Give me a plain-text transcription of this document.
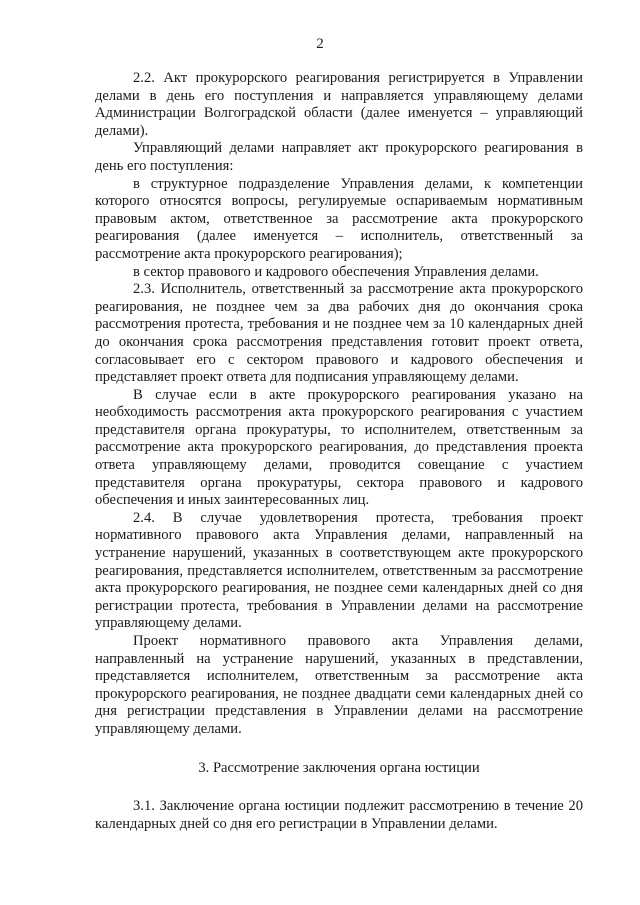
2

2.2. Акт прокурорского реагирования регистрируется в Управлении делами в день его поступления и направляется управляющему делами Администрации Волгоградской области (далее именуется – управляющий делами).

Управляющий делами направляет акт прокурорского реагирования в день его поступления:

в структурное подразделение Управления делами, к компетенции которого относятся вопросы, регулируемые оспариваемым нормативным правовым актом, ответственное за рассмотрение акта прокурорского реагирования (далее именуется – исполнитель, ответственный за рассмотрение акта прокурорского реагирования);

в сектор правового и кадрового обеспечения Управления делами.

2.3. Исполнитель, ответственный за рассмотрение акта прокурорского реагирования, не позднее чем за два рабочих дня до окончания срока рассмотрения протеста, требования и не позднее чем за 10 календарных дней до окончания срока рассмотрения представления готовит проект ответа, согласовывает его с сектором правового и кадрового обеспечения и представляет проект ответа для подписания управляющему делами.

В случае если в акте прокурорского реагирования указано на необходимость рассмотрения акта прокурорского реагирования с участием представителя органа прокуратуры, то исполнителем, ответственным за рассмотрение акта прокурорского реагирования, до представления проекта ответа управляющему делами, проводится совещание с участием представителя органа прокуратуры, сектора правового и кадрового обеспечения и иных заинтересованных лиц.

2.4. В случае удовлетворения протеста, требования проект нормативного правового акта Управления делами, направленный на устранение нарушений, указанных в соответствующем акте прокурорского реагирования, представляется исполнителем, ответственным за рассмотрение акта прокурорского реагирования, не позднее семи календарных дней со дня регистрации протеста, требования в Управлении делами на рассмотрение управляющему делами.

Проект нормативного правового акта Управления делами, направленный на устранение нарушений, указанных в представлении, представляется исполнителем, ответственным за рассмотрение акта прокурорского реагирования, не позднее двадцати семи календарных дней со дня регистрации представления в Управлении делами на рассмотрение управляющему делами.

3. Рассмотрение заключения органа юстиции

3.1. Заключение органа юстиции подлежит рассмотрению в течение 20 календарных дней со дня его регистрации в Управлении делами.
